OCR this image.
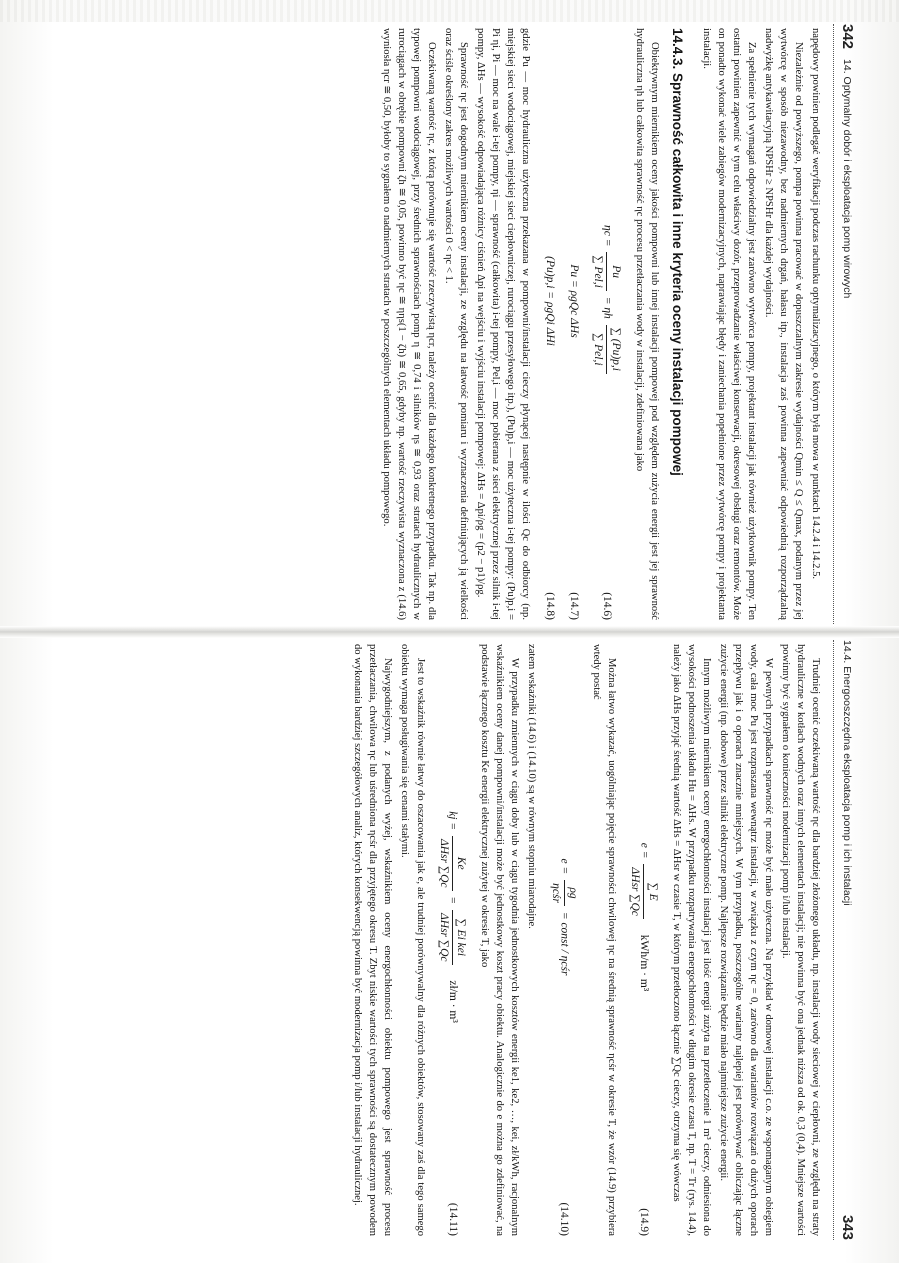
342
14. Optymalny dobór i eksploatacja pomp wirowych

napędowy powinien podlegać weryfikacji podczas rachunku optymalizacyjnego, o którym była mowa w punktach 14.2.4 i 14.2.5.

Niezależnie od powyższego, pompa powinna pracować w dopuszczalnym zakresie wydajności Qmin ≤ Q ≤ Qmax, podanym przez jej wytwórcę w sposób niezawodny, bez nadmiernych drgań, hałasu itp., instalacja zaś powinna zapewniać odpowiednią rozporządzalną nadwyżkę antykawitacyjną NPSHr ≥ NPSHr dla każdej wydajności.

Za spełnienie tych wymagań odpowiedzialny jest zarówno wytwórca pompy, projektant instalacji jak również użytkownik pompy. Ten ostatni powinien zapewnić w tym celu właściwy dozór, przeprowadzanie właściwej konserwacji, okresowej obsługi oraz remontów. Może on ponadto wykonać wiele zabiegów modernizacyjnych, naprawiając błędy i zaniechania popełnione przez wytwórcę pompy i projektanta instalacji.

14.4.3. Sprawność całkowita i inne kryteria oceny instalacji pompowej

Obiektywnym miernikiem oceny jakości pompowni lub innej instalacji pompowej pod względem zużycia energii jest jej sprawność hydrauliczna ηh lub całkowita sprawność ηc procesu przetłaczania wody w instalacji, zdefiniowana jako

ηc =
Pu
∑ Pel,i
= ηh
∑ (Pu)p,i
∑ Pel,i
(14.6)
Pu = ρgQc ΔHs
(14.7)
(Pu)p,i = ρgQi ΔHi
(14.8)

gdzie Pu — moc hydrauliczna użyteczna przekazana w pompowni/instalacji cieczy płynącej następnie w ilości Qc do odbiorcy (np. miejskiej sieci wodociągowej, miejskiej sieci ciepłowniczej, rurociągu przesyłowego itp.), (Pu)p,i — moc użyteczna i-tej pompy: (Pu)p,i = Pi ηi, Pi — moc na wale i-tej pompy, ηi — sprawność (całkowita) i-tej pompy, Pel,i — moc pobierana z sieci elektrycznej przez silnik i-tej pompy, ΔHs — wysokość odpowiadająca różnicy ciśnień Δpi na wejściu i wyjściu instalacji pompowej: ΔHs = Δpi/ρg = (p2 − p1)/ρg.

Sprawność ηc jest dogodnym miernikiem oceny instalacji, ze względu na łatwość pomiaru i wyznaczenia definiujących ją wielkości oraz ściśle określony zakres możliwych wartości 0 < ηc < 1.

Oczekiwaną wartość ηc, z którą porównuje się wartość rzeczywistą ηcr, należy ocenić dla każdego konkretnego przypadku. Tak np. dla typowej pompowni wodociągowej, przy średnich sprawnościach pomp η ≅ 0,74 i silników ηs ≅ 0,93 oraz stratach hydraulicznych w rurociągach w obrębie pompowni ζh ≅ 0,05, powinno być ηc ≅ ηηs(1 − ζh) ≅ 0,65, gdyby np. wartość rzeczywista wyznaczona z (14.6) wyniosła ηcr ≅ 0,50, byłoby to sygnałem o nadmiernych stratach w poszczególnych elementach układu pompowego.

14.4. Energooszczędna eksploatacja pomp i ich instalacji
343

Trudniej ocenić oczekiwaną wartość ηc dla bardziej złożonego układu, np. instalacji wody sieciowej w ciepłowni, ze względu na straty hydrauliczne w kotłach wodnych oraz innych elementach instalacji; nie powinna być ona jednak niższa od ok. 0,3 (0,4). Mniejsze wartości powinny być sygnałem o konieczności modernizacji pomp i/lub instalacji.

W pewnych przypadkach sprawność ηc może być mało użyteczna. Na przykład w domowej instalacji c.o. ze wspomaganym obiegiem wody, cała moc Pu jest rozpraszana wewnątrz instalacji, w związku z czym ηc = 0, zarówno dla wariantów rozwiązań o dużych oporach przepływu jak i o oporach znacznie mniejszych. W tym przypadku, poszczególne warianty najlepiej jest porównywać obliczając łączne zużycie energii (np. dobowe) przez silniki elektryczne pomp. Najlepsze rozwiązanie będzie miało najmniejsze zużycie energii.

Innym możliwym miernikiem oceny energochłonności instalacji jest ilość energii zużyta na przetłoczenie 1 m³ cieczy, odniesiona do wysokości podnoszenia układu Hu = ΔHs. W przypadku rozpatrywania energochłonności w długim okresie czasu T, np. T = Tr (rys. 14.4), należy jako ΔHs przyjąć średnią wartość ΔHs = ΔHsr w czasie T, w którym przetłoczono łącznie ∑Qc cieczy, otrzyma się wówczas

e =
∑ E
ΔHsr ∑Qc
kWh/m · m³
(14.9)

Można łatwo wykazać, uogólniając pojęcie sprawności chwilowej ηc na średnią sprawność ηcśr w okresie T, że wzór (14.9) przybiera wtedy postać

e =
ρg
ηcśr
= const / ηcśr
(14.10)

zatem wskaźniki (14.6) i (14.10) są w równym stopniu miarodajne.

W przypadku zmiennych w ciągu doby lub w ciągu tygodnia jednostkowych kosztów energii ke1, ke2, …, kei, zł/kWh, racjonalnym wskaźnikiem oceny danej pompowni/instalacji może być jednostkowy koszt pracy obiektu. Analogicznie do e można go zdefiniować, na podstawie łącznego kosztu Ke energii elektrycznej zużytej w okresie T, jako

kj =
Ke
ΔHsr ∑Qc
=
∑ Ei kei
ΔHsr ∑Qc
zł/m · m³
(14.11)

Jest to wskaźnik równie łatwy do oszacowania jak e, ale trudniej porównywalny dla różnych obiektów, stosowany zaś dla tego samego obiektu wymaga posługiwania się cenami stałymi.

Najwygodniejszym, z podanych wyżej, wskaźnikiem oceny energochłonności obiektu pompowego jest sprawność procesu przetłaczania, chwilowa ηc lub uśredniona ηcśr dla przyjętego okresu T. Zbyt niskie wartości tych sprawności są dostatecznym powodem do wykonania bardziej szczegółowych analiz, których konsekwencją powinna być modernizacja pomp i/lub instalacji hydraulicznej.
